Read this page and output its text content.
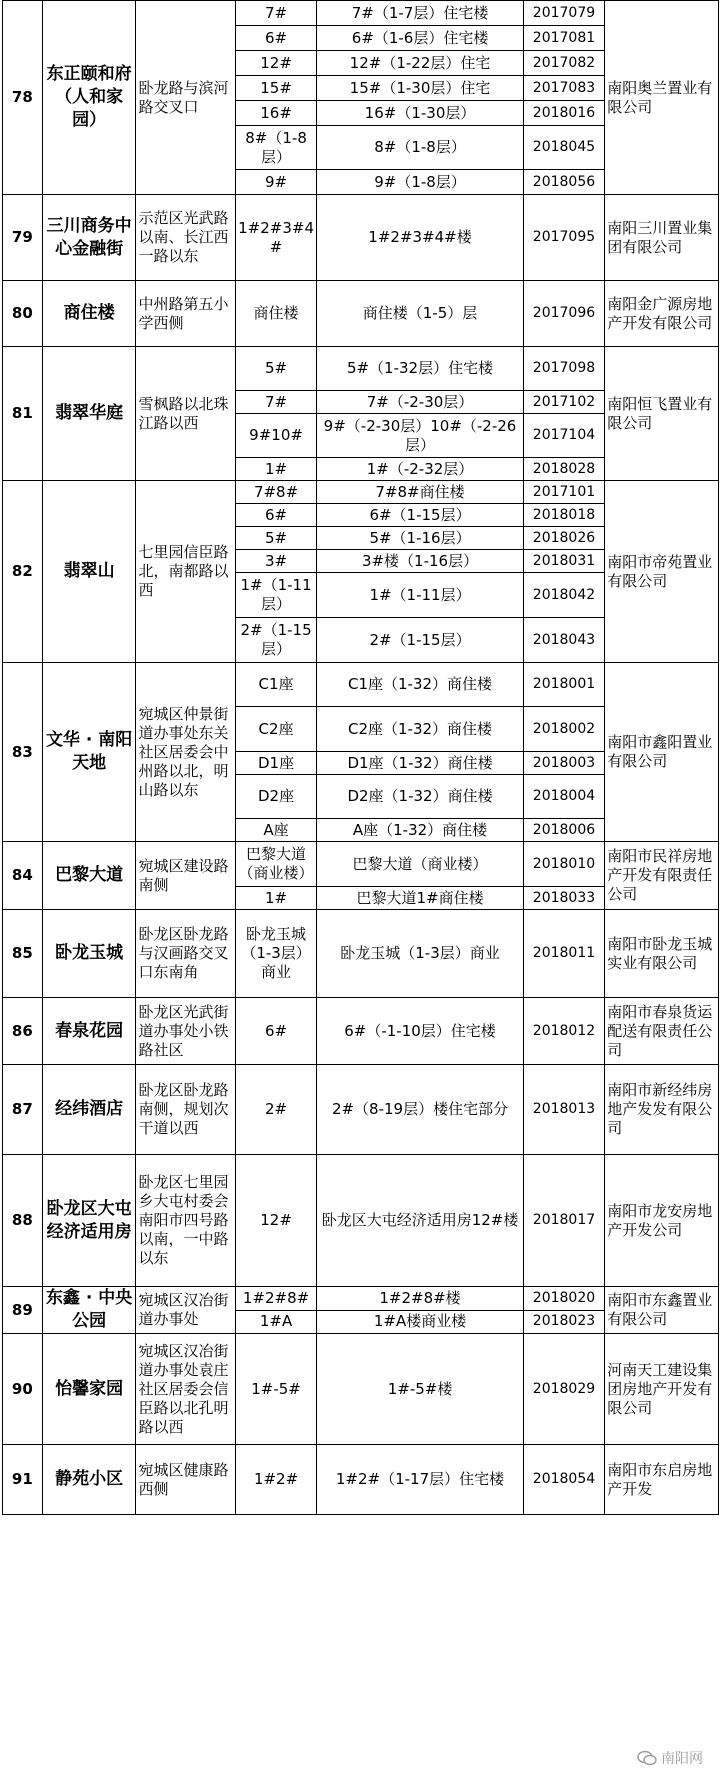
78	东正颐和府（人和家园）	卧龙路与滨河路交叉口	7#	7#（1-7层）住宅楼	2017079	南阳奥兰置业有限公司
			6#	6#（1-6层）住宅楼	2017081	
			12#	12#（1-22层）住宅	2017082	
			15#	15#（1-30层）住宅	2017083	
			16#	16#（1-30层）	2018016	
			8#（1-8层）	8#（1-8层）	2018045	
			9#	9#（1-8层）	2018056	
79	三川商务中心金融街	示范区光武路以南、长江西一路以东	1#2#3#4#	1#2#3#4#楼	2017095	南阳三川置业集团有限公司
80	商住楼	中州路第五小学西侧	商住楼	商住楼（1-5）层	2017096	南阳金广源房地产开发有限公司
81	翡翠华庭	雪枫路以北珠江路以西	5#	5#（1-32层）住宅楼	2017098	南阳恒飞置业有限公司
			7#	7#（-2-30层）	2017102	
			9#10#	9#（-2-30层）10#（-2-26层）	2017104	
			1#	1#（-2-32层）	2018028	
82	翡翠山	七里园信臣路北，南都路以西	7#8#	7#8#商住楼	2017101	南阳市帝苑置业有限公司
			6#	6#（1-15层）	2018018	
			5#	5#（1-16层）	2018026	
			3#	3#楼（1-16层）	2018031	
			1#（1-11层）	1#（1-11层）	2018042	
			2#（1-15层）	2#（1-15层）	2018043	
83	文华 · 南阳天地	宛城区仲景街道办事处东关社区居委会中州路以北，明山路以东	C1座	C1座（1-32）商住楼	2018001	南阳市鑫阳置业有限公司
			C2座	C2座（1-32）商住楼	2018002	
			D1座	D1座（1-32）商住楼	2018003	
			D2座	D2座（1-32）商住楼	2018004	
			A座	A座（1-32）商住楼	2018006	
84	巴黎大道	宛城区建设路南侧	巴黎大道（商业楼）	巴黎大道（商业楼）	2018010	南阳市民祥房地产开发有限责任公司
			1#	巴黎大道1#商住楼	2018033	
85	卧龙玉城	卧龙区卧龙路与汉画路交叉口东南角	卧龙玉城（1-3层）商业	卧龙玉城（1-3层）商业	2018011	南阳市卧龙玉城实业有限公司
86	春泉花园	卧龙区光武街道办事处小铁路社区	6#	6#（-1-10层）住宅楼	2018012	南阳市春泉货运配送有限责任公司
87	经纬酒店	卧龙区卧龙路南侧，规划次干道以西	2#	2#（8-19层）楼住宅部分	2018013	南阳市新经纬房地产发发有限公司
88	卧龙区大屯经济适用房	卧龙区七里园乡大屯村委会南阳市四号路以南，一中路以东	12#	卧龙区大屯经济适用房12#楼	2018017	南阳市龙安房地产开发公司
89	东鑫 · 中央公园	宛城区汉冶街道办事处	1#2#8#	1#2#8#楼	2018020	南阳市东鑫置业有限公司
			1#A	1#A楼商业楼	2018023	
90	怡馨家园	宛城区汉冶街道办事处袁庄社区居委会信臣路以北孔明路以西	1#-5#	1#-5#楼	2018029	河南天工建设集团房地产开发有限公司
91	静苑小区	宛城区健康路西侧	1#2#	1#2#（1-17层）住宅楼	2018054	南阳市东启房地产开发
南阳网
